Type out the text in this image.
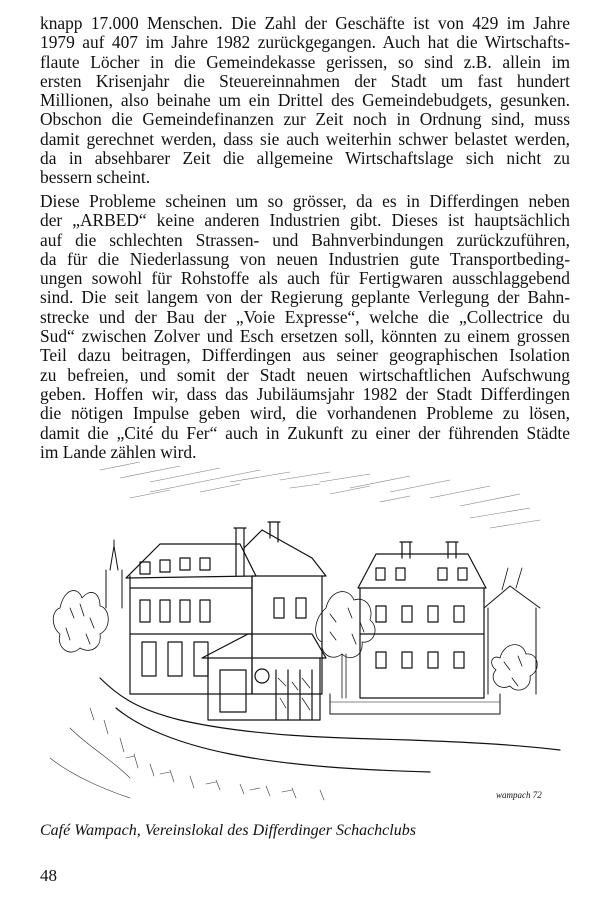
knapp 17.000 Menschen. Die Zahl der Geschäfte ist von 429 im Jahre
1979 auf 407 im Jahre 1982 zurückgegangen. Auch hat die Wirtschafts-
flaute Löcher in die Gemeindekasse gerissen, so sind z.B. allein im
ersten Krisenjahr die Steuereinnahmen der Stadt um fast hundert
Millionen, also beinahe um ein Drittel des Gemeindebudgets, gesunken.
Obschon die Gemeindefinanzen zur Zeit noch in Ordnung sind, muss
damit gerechnet werden, dass sie auch weiterhin schwer belastet werden,
da in absehbarer Zeit die allgemeine Wirtschaftslage sich nicht zu
bessern scheint.
Diese Probleme scheinen um so grösser, da es in Differdingen neben
der „ARBED“ keine anderen Industrien gibt. Dieses ist hauptsächlich
auf die schlechten Strassen- und Bahnverbindungen zurückzuführen,
da für die Niederlassung von neuen Industrien gute Transportbeding-
ungen sowohl für Rohstoffe als auch für Fertigwaren ausschlaggebend
sind. Die seit langem von der Regierung geplante Verlegung der Bahn-
strecke und der Bau der „Voie Expresse“, welche die „Collectrice du
Sud“ zwischen Zolver und Esch ersetzen soll, könnten zu einem grossen
Teil dazu beitragen, Differdingen aus seiner geographischen Isolation
zu befreien, und somit der Stadt neuen wirtschaftlichen Aufschwung
geben. Hoffen wir, dass das Jubiläumsjahr 1982 der Stadt Differdingen
die nötigen Impulse geben wird, die vorhandenen Probleme zu lösen,
damit die „Cité du Fer“ auch in Zukunft zu einer der führenden Städte
im Lande zählen wird.
wampach 72
Café Wampach, Vereinslokal des Differdinger Schachclubs
48
